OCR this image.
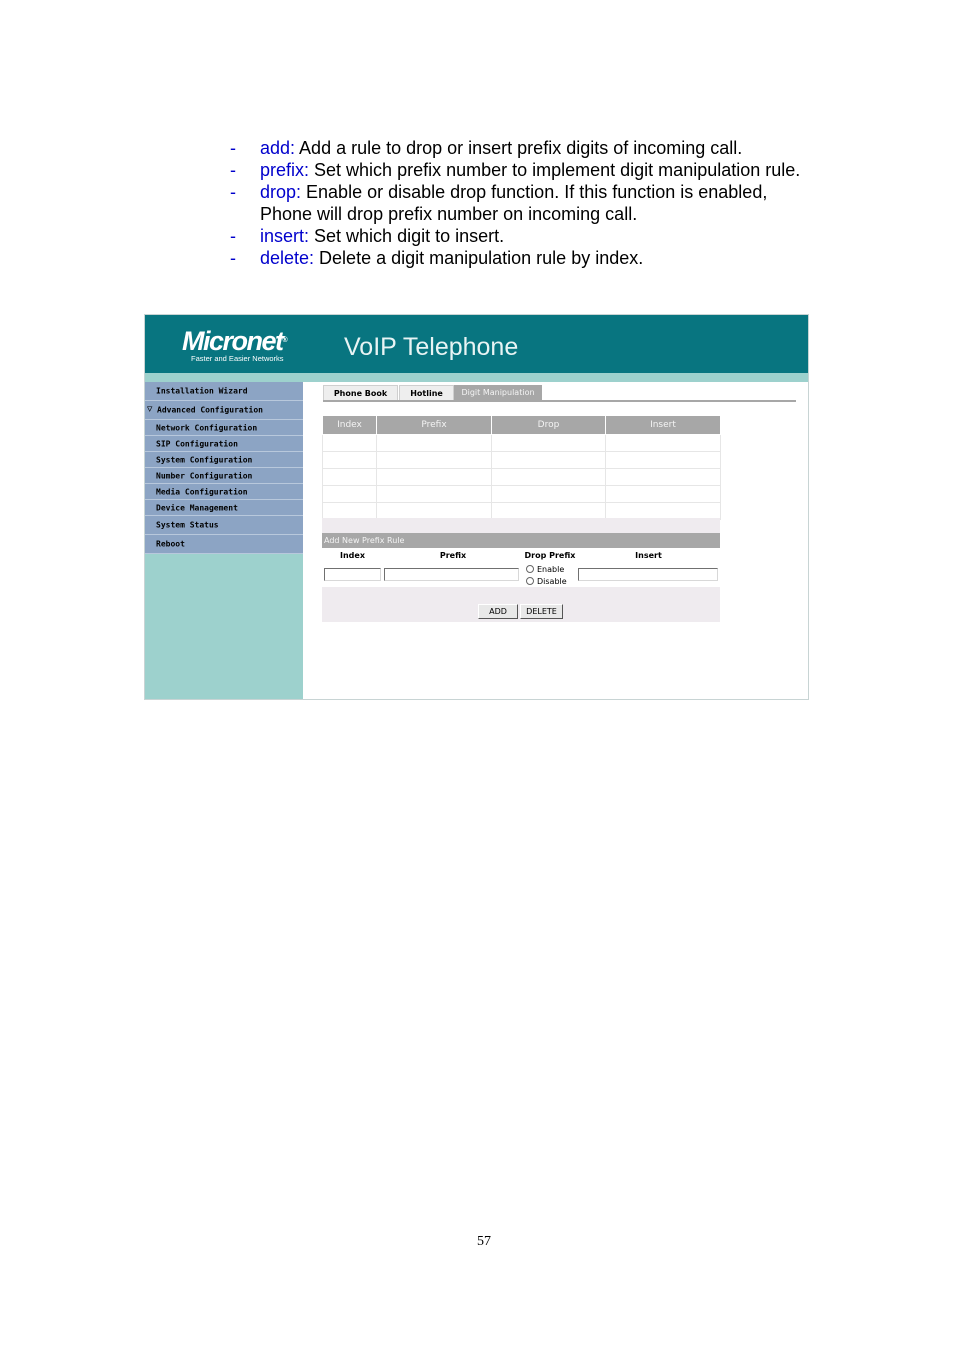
- add: Add a rule to drop or insert prefix digits of incoming call.
- prefix: Set which prefix number to implement digit manipulation rule.
- drop: Enable or disable drop function. If this function is enabled, Phone will drop prefix number on incoming call.
- insert: Set which digit to insert.
- delete: Delete a digit manipulation rule by index.
Micronet®
Faster and Easier Networks VoIP Telephone
Installation Wizard
▽ Advanced Configuration
Network Configuration
SIP Configuration
System Configuration
Number Configuration
Media Configuration
Device Management
System Status
Reboot
Phone Book	Hotline	Digit Manipulation
Index	Prefix	Drop	Insert

Add New Prefix Rule
Index	Prefix	Drop Prefix	Insert
Enable
Disable
ADD	DELETE
57
